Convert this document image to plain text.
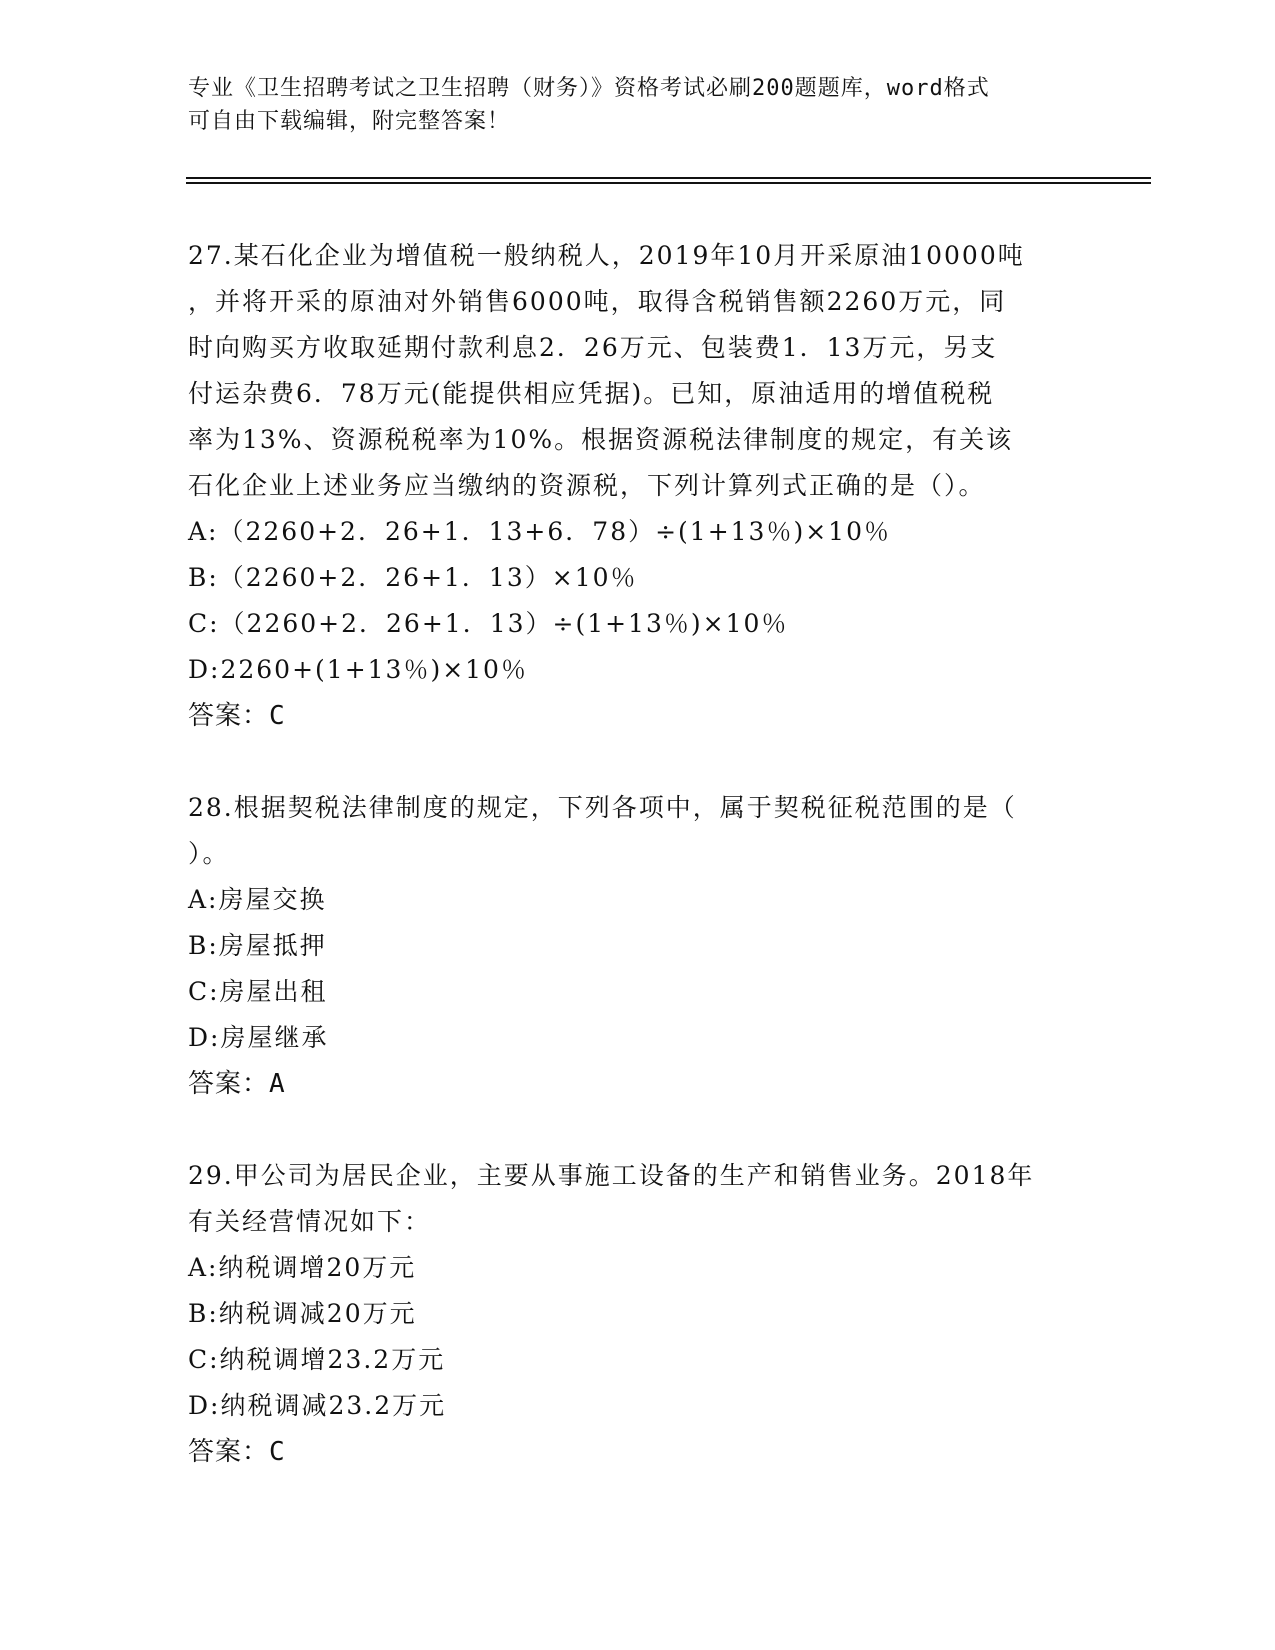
专业《卫生招聘考试之卫生招聘（财务）》资格考试必刷200题题库，word格式
可自由下载编辑，附完整答案！
27.某石化企业为增值税一般纳税人，2019年10月开采原油10000吨
，并将开采的原油对外销售6000吨，取得含税销售额2260万元，同
时向购买方收取延期付款利息2．26万元、包装费1．13万元，另支
付运杂费6．78万元(能提供相应凭据)。已知，原油适用的增值税税
率为13%、资源税税率为10%。根据资源税法律制度的规定，有关该
石化企业上述业务应当缴纳的资源税，下列计算列式正确的是（）。
A:（2260+2．26+1．13+6．78）÷(1+13％)×10％
B:（2260+2．26+1．13）×10％
C:（2260+2．26+1．13）÷(1+13％)×10％
D:2260+(1+13％)×10％
答案：C
28.根据契税法律制度的规定，下列各项中，属于契税征税范围的是（
）。
A:房屋交换
B:房屋抵押
C:房屋出租
D:房屋继承
答案：A
29.甲公司为居民企业，主要从事施工设备的生产和销售业务。2018年
有关经营情况如下：
A:纳税调增20万元
B:纳税调减20万元
C:纳税调增23.2万元
D:纳税调减23.2万元
答案：C
